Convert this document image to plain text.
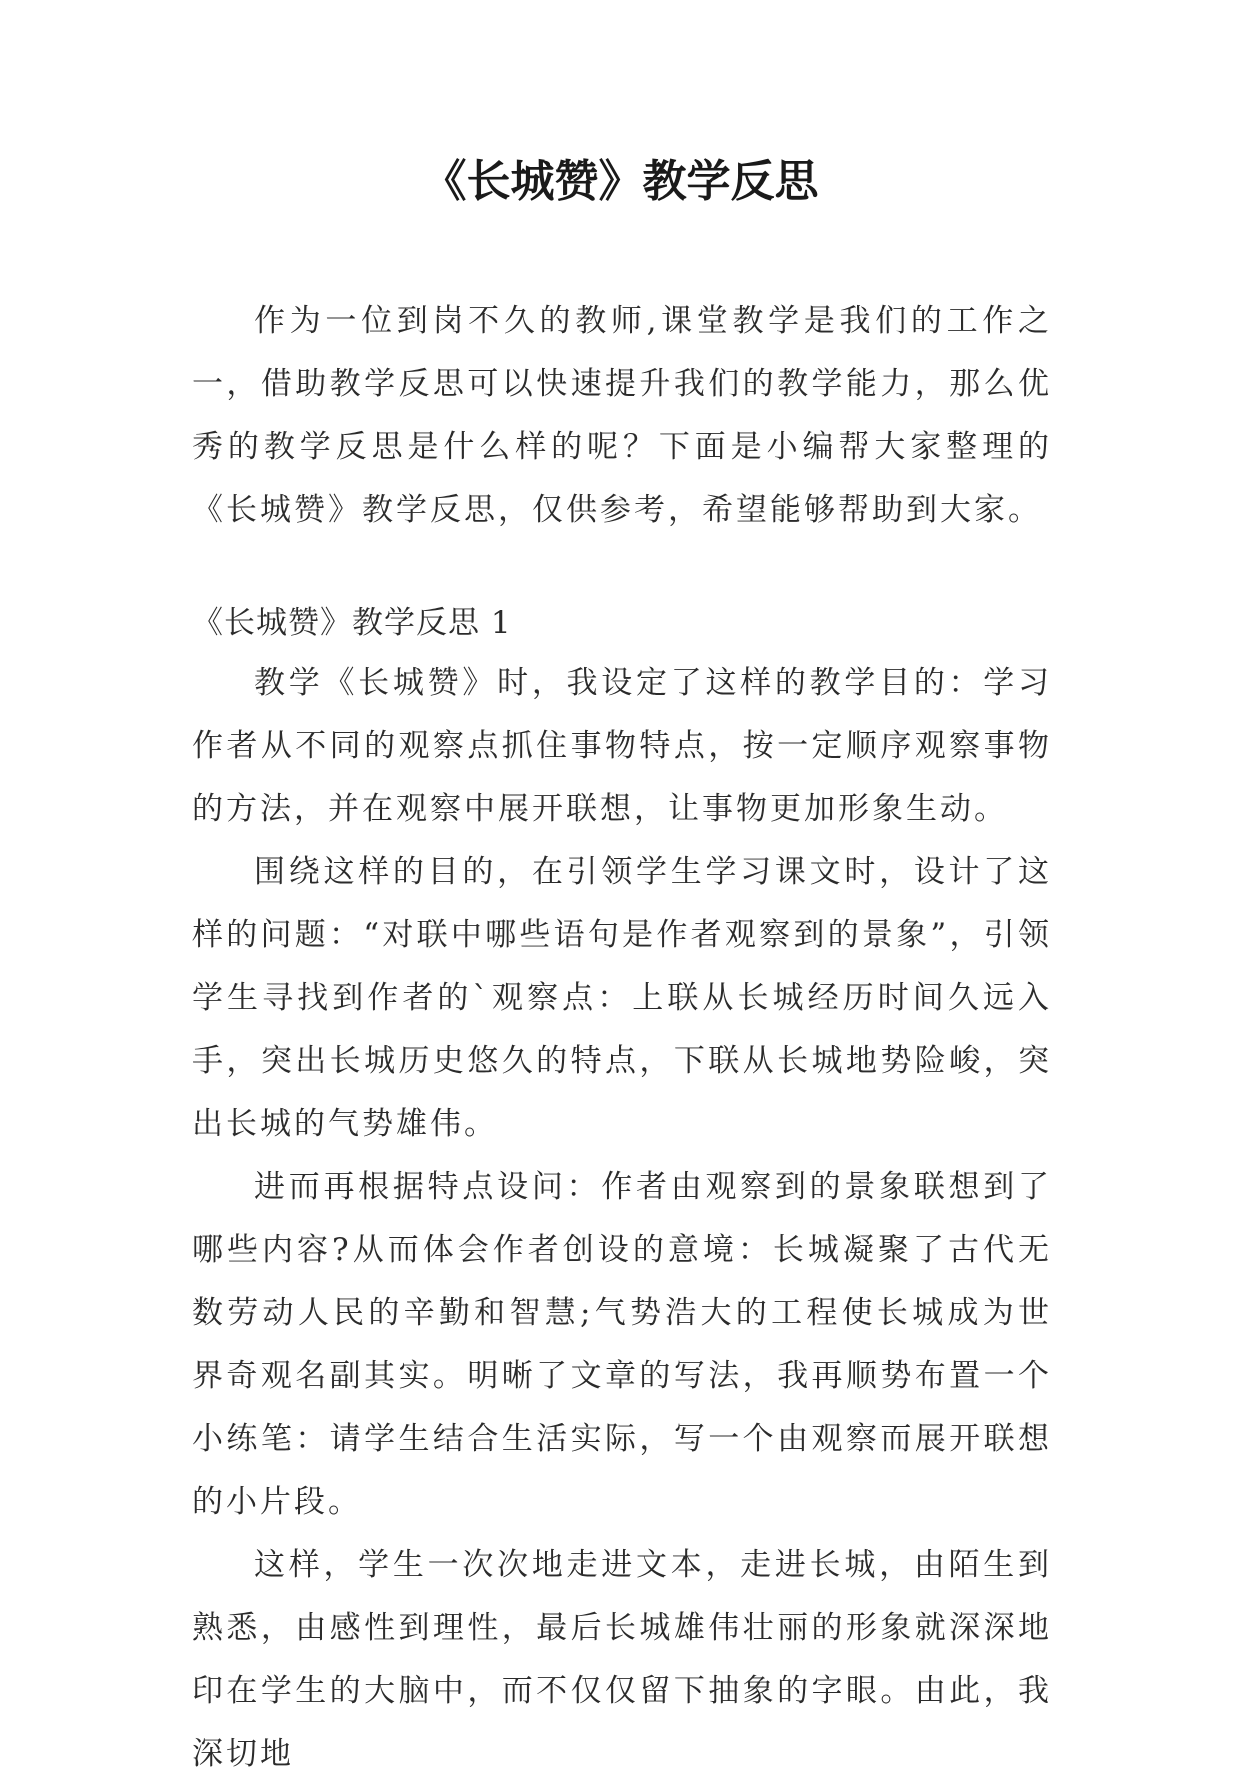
《长城赞》教学反思

作为一位到岗不久的教师,课堂教学是我们的工作之一，借助教学反思可以快速提升我们的教学能力，那么优秀的教学反思是什么样的呢？下面是小编帮大家整理的《长城赞》教学反思，仅供参考，希望能够帮助到大家。

《长城赞》教学反思 1

教学《长城赞》时，我设定了这样的教学目的：学习作者从不同的观察点抓住事物特点，按一定顺序观察事物的方法，并在观察中展开联想，让事物更加形象生动。

围绕这样的目的，在引领学生学习课文时，设计了这样的问题：“对联中哪些语句是作者观察到的景象”，引领学生寻找到作者的`观察点：上联从长城经历时间久远入手，突出长城历史悠久的特点，下联从长城地势险峻，突出长城的气势雄伟。

进而再根据特点设问：作者由观察到的景象联想到了哪些内容?从而体会作者创设的意境：长城凝聚了古代无数劳动人民的辛勤和智慧;气势浩大的工程使长城成为世界奇观名副其实。明晰了文章的写法，我再顺势布置一个小练笔：请学生结合生活实际，写一个由观察而展开联想的小片段。

这样，学生一次次地走进文本，走进长城，由陌生到熟悉，由感性到理性，最后长城雄伟壮丽的形象就深深地印在学生的大脑中，而不仅仅留下抽象的字眼。由此，我深切地
